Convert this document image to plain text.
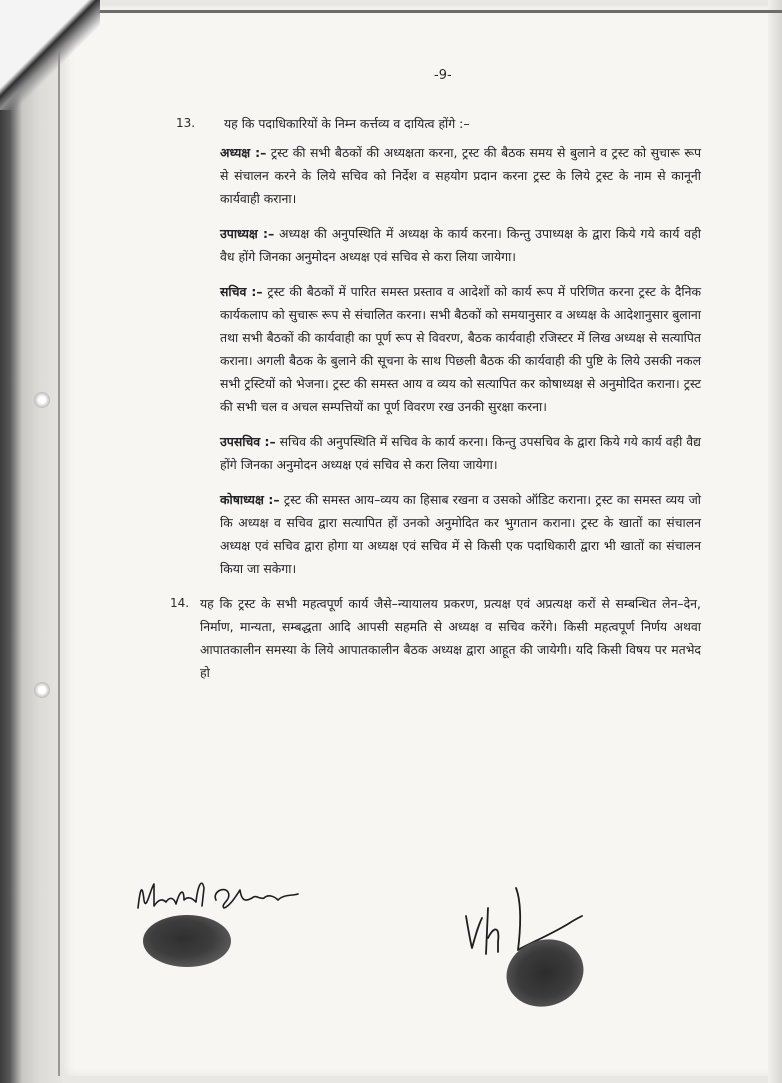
-9-
13. यह कि पदाधिकारियों के निम्न कर्त्तव्य व दायित्व होंगे :–
अध्यक्ष :– ट्रस्ट की सभी बैठकों की अध्यक्षता करना, ट्रस्ट की बैठक समय से बुलाने व ट्रस्ट को सुचारू रूप से संचालन करने के लिये सचिव को निर्देश व सहयोग प्रदान करना ट्रस्ट के लिये ट्रस्ट के नाम से कानूनी कार्यवाही कराना।
उपाध्यक्ष :– अध्यक्ष की अनुपस्थिति में अध्यक्ष के कार्य करना। किन्तु उपाध्यक्ष के द्वारा किये गये कार्य वही वैध होंगे जिनका अनुमोदन अध्यक्ष एवं सचिव से करा लिया जायेगा।
सचिव :– ट्रस्ट की बैठकों में पारित समस्त प्रस्ताव व आदेशों को कार्य रूप में परिणित करना ट्रस्ट के दैनिक कार्यकलाप को सुचारू रूप से संचालित करना। सभी बैठकों को समयानुसार व अध्यक्ष के आदेशानुसार बुलाना तथा सभी बैठकों की कार्यवाही का पूर्ण रूप से विवरण, बैठक कार्यवाही रजिस्टर में लिख अध्यक्ष से सत्यापित कराना। अगली बैठक के बुलाने की सूचना के साथ पिछली बैठक की कार्यवाही की पुष्टि के लिये उसकी नकल सभी ट्रस्टियों को भेजना। ट्रस्ट की समस्त आय व व्यय को सत्यापित कर कोषाध्यक्ष से अनुमोदित कराना। ट्रस्ट की सभी चल व अचल सम्पत्तियों का पूर्ण विवरण रख उनकी सुरक्षा करना।
उपसचिव :– सचिव की अनुपस्थिति में सचिव के कार्य करना। किन्तु उपसचिव के द्वारा किये गये कार्य वही वैद्य होंगे जिनका अनुमोदन अध्यक्ष एवं सचिव से करा लिया जायेगा।
कोषाध्यक्ष :– ट्रस्ट की समस्त आय–व्यय का हिसाब रखना व उसको ऑडिट कराना। ट्रस्ट का समस्त व्यय जो कि अध्यक्ष व सचिव द्वारा सत्यापित हों उनको अनुमोदित कर भुगतान कराना। ट्रस्ट के खातों का संचालन अध्यक्ष एवं सचिव द्वारा होगा या अध्यक्ष एवं सचिव में से किसी एक पदाधिकारी द्वारा भी खातों का संचालन किया जा सकेगा।
14. यह कि ट्रस्ट के सभी महत्वपूर्ण कार्य जैसे–न्यायालय प्रकरण, प्रत्यक्ष एवं अप्रत्यक्ष करों से सम्बन्धित लेन–देन, निर्माण, मान्यता, सम्बद्धता आदि आपसी सहमति से अध्यक्ष व सचिव करेंगे। किसी महत्वपूर्ण निर्णय अथवा आपातकालीन समस्या के लिये आपातकालीन बैठक अध्यक्ष द्वारा आहूत की जायेगी। यदि किसी विषय पर मतभेद हो
